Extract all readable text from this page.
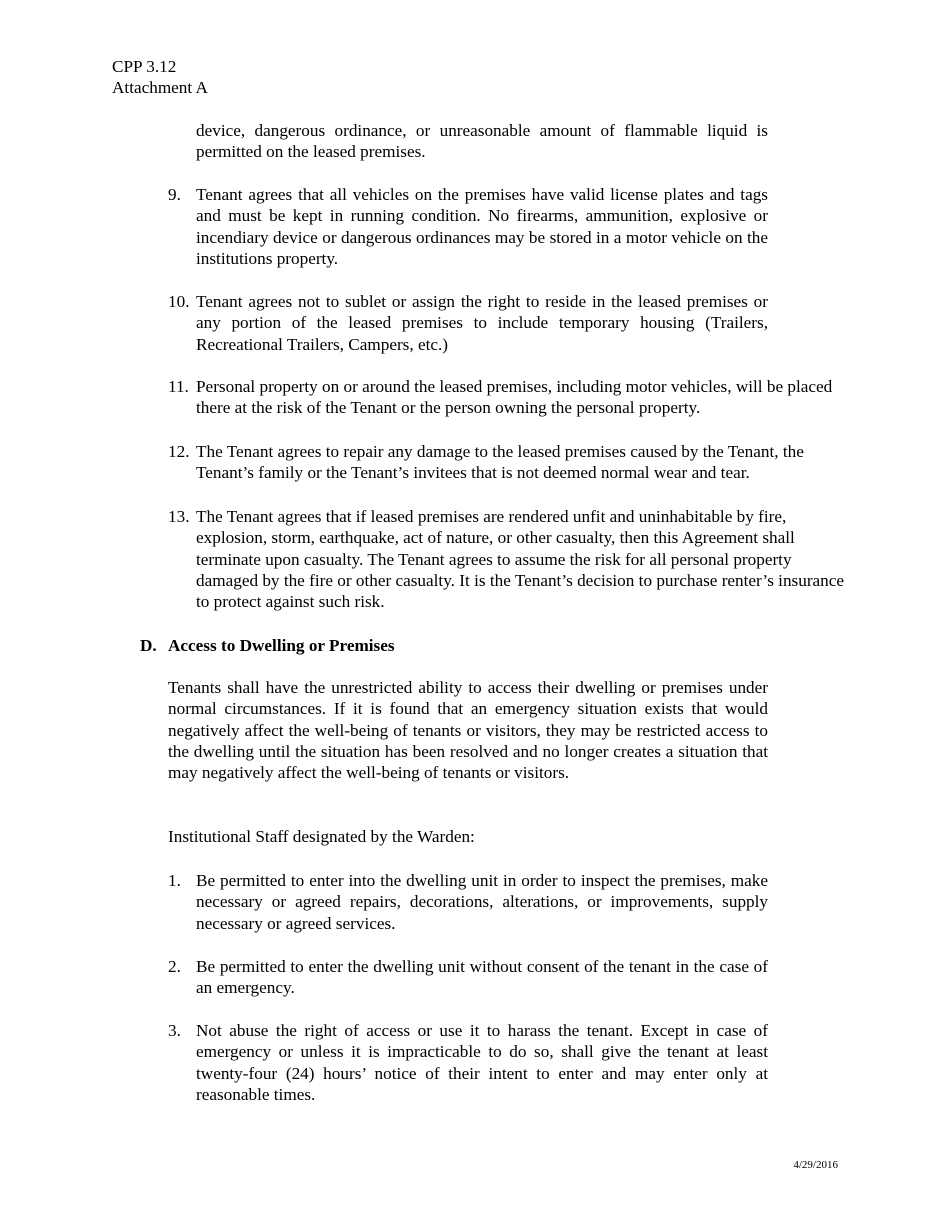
CPP 3.12
Attachment A
device, dangerous ordinance, or unreasonable amount of flammable liquid is permitted on the leased premises.
9. Tenant agrees that all vehicles on the premises have valid license plates and tags and must be kept in running condition. No firearms, ammunition, explosive or incendiary device or dangerous ordinances may be stored in a motor vehicle on the institutions property.
10. Tenant agrees not to sublet or assign the right to reside in the leased premises or any portion of the leased premises to include temporary housing (Trailers, Recreational Trailers, Campers, etc.)
11. Personal property on or around the leased premises, including motor vehicles, will be placed there at the risk of the Tenant or the person owning the personal property.
12. The Tenant agrees to repair any damage to the leased premises caused by the Tenant, the Tenant’s family or the Tenant’s invitees that is not deemed normal wear and tear.
13. The Tenant agrees that if leased premises are rendered unfit and uninhabitable by fire, explosion, storm, earthquake, act of nature, or other casualty, then this Agreement shall terminate upon casualty. The Tenant agrees to assume the risk for all personal property damaged by the fire or other casualty. It is the Tenant’s decision to purchase renter’s insurance to protect against such risk.
D. Access to Dwelling or Premises
Tenants shall have the unrestricted ability to access their dwelling or premises under normal circumstances. If it is found that an emergency situation exists that would negatively affect the well-being of tenants or visitors, they may be restricted access to the dwelling until the situation has been resolved and no longer creates a situation that may negatively affect the well-being of tenants or visitors.
Institutional Staff designated by the Warden:
1. Be permitted to enter into the dwelling unit in order to inspect the premises, make necessary or agreed repairs, decorations, alterations, or improvements, supply necessary or agreed services.
2. Be permitted to enter the dwelling unit without consent of the tenant in the case of an emergency.
3. Not abuse the right of access or use it to harass the tenant. Except in case of emergency or unless it is impracticable to do so, shall give the tenant at least twenty-four (24) hours’ notice of their intent to enter and may enter only at reasonable times.
4/29/2016
